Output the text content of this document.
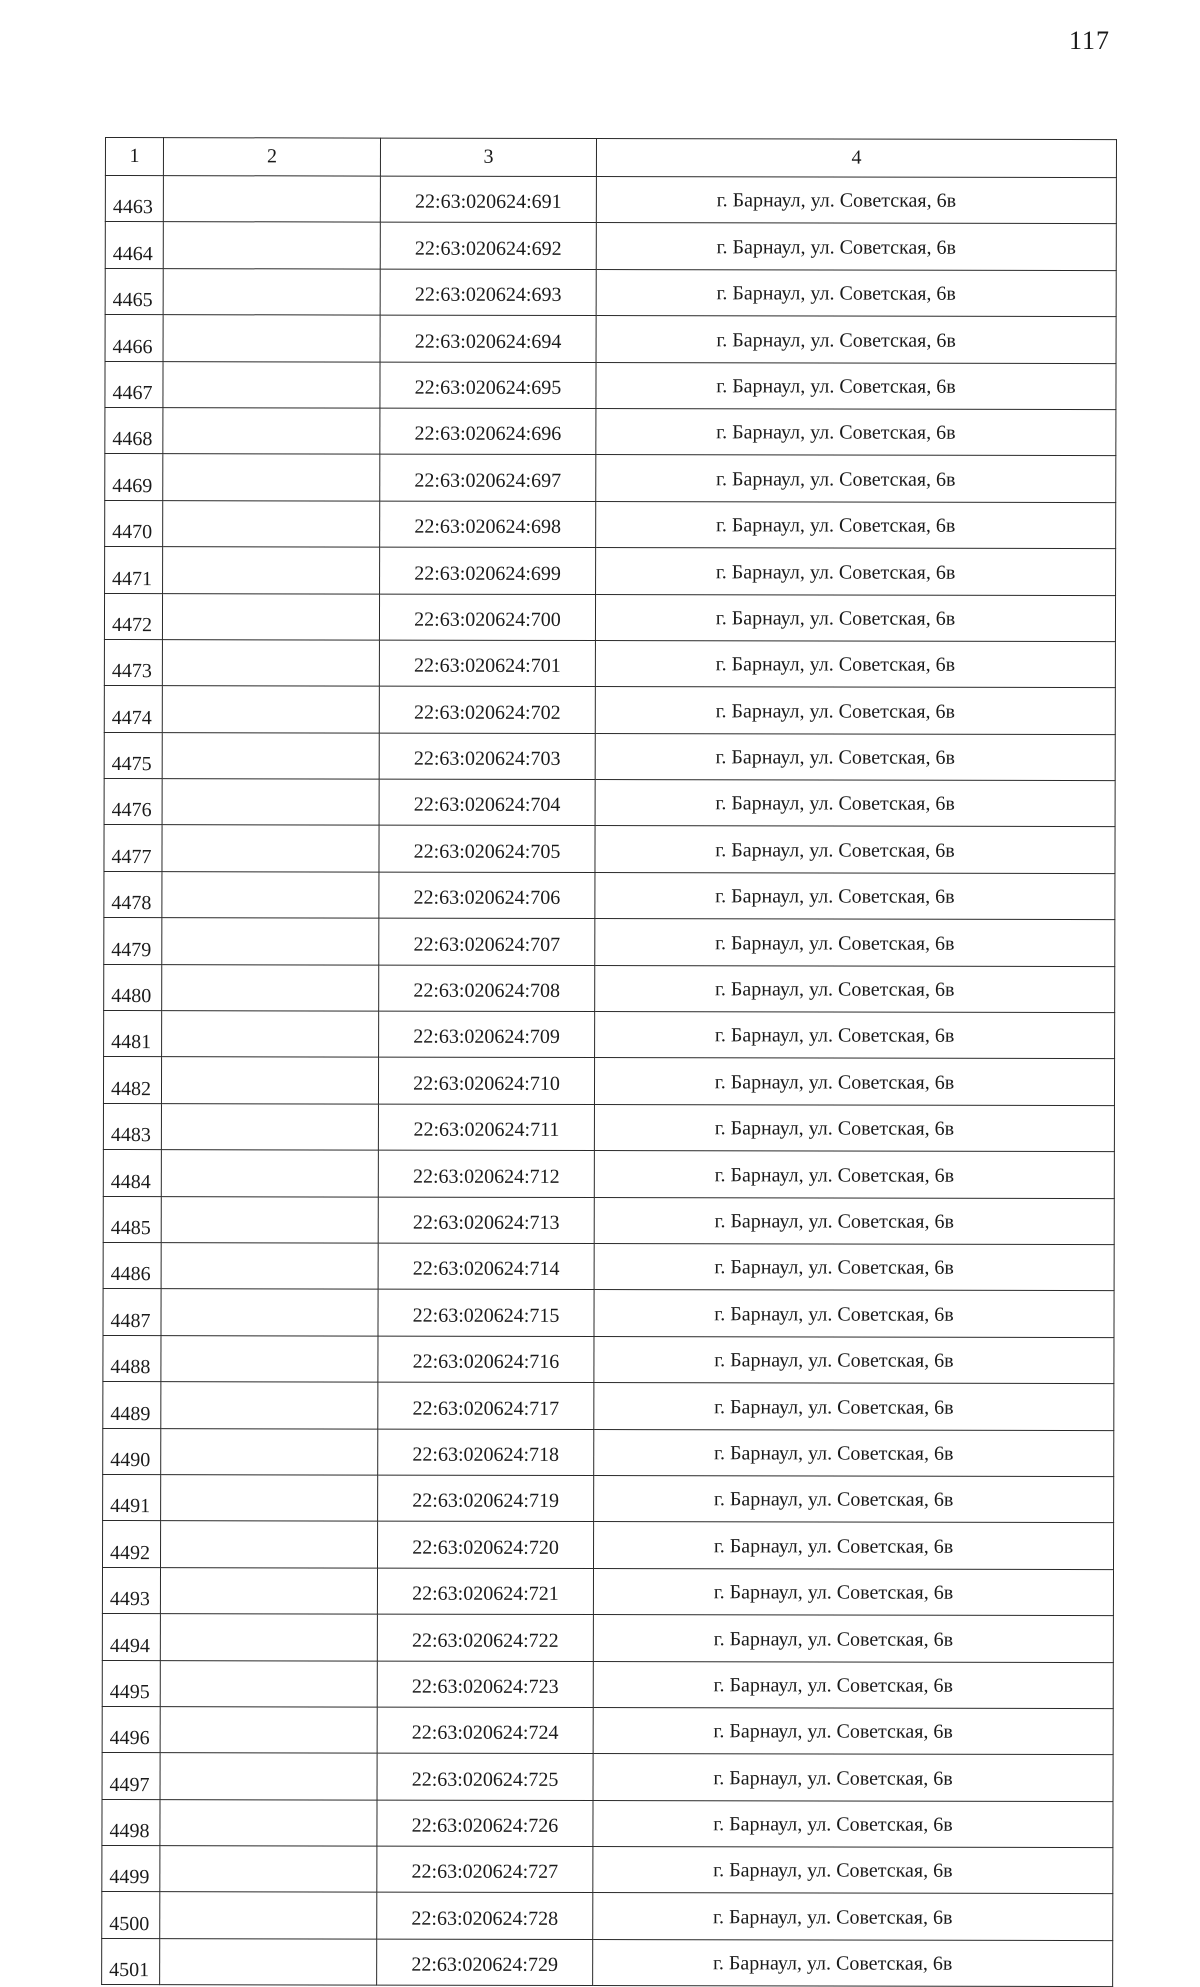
117
1	2	3	4
4463		22:63:020624:691	г. Барнаул, ул. Советская, 6в
4464		22:63:020624:692	г. Барнаул, ул. Советская, 6в
4465		22:63:020624:693	г. Барнаул, ул. Советская, 6в
4466		22:63:020624:694	г. Барнаул, ул. Советская, 6в
4467		22:63:020624:695	г. Барнаул, ул. Советская, 6в
4468		22:63:020624:696	г. Барнаул, ул. Советская, 6в
4469		22:63:020624:697	г. Барнаул, ул. Советская, 6в
4470		22:63:020624:698	г. Барнаул, ул. Советская, 6в
4471		22:63:020624:699	г. Барнаул, ул. Советская, 6в
4472		22:63:020624:700	г. Барнаул, ул. Советская, 6в
4473		22:63:020624:701	г. Барнаул, ул. Советская, 6в
4474		22:63:020624:702	г. Барнаул, ул. Советская, 6в
4475		22:63:020624:703	г. Барнаул, ул. Советская, 6в
4476		22:63:020624:704	г. Барнаул, ул. Советская, 6в
4477		22:63:020624:705	г. Барнаул, ул. Советская, 6в
4478		22:63:020624:706	г. Барнаул, ул. Советская, 6в
4479		22:63:020624:707	г. Барнаул, ул. Советская, 6в
4480		22:63:020624:708	г. Барнаул, ул. Советская, 6в
4481		22:63:020624:709	г. Барнаул, ул. Советская, 6в
4482		22:63:020624:710	г. Барнаул, ул. Советская, 6в
4483		22:63:020624:711	г. Барнаул, ул. Советская, 6в
4484		22:63:020624:712	г. Барнаул, ул. Советская, 6в
4485		22:63:020624:713	г. Барнаул, ул. Советская, 6в
4486		22:63:020624:714	г. Барнаул, ул. Советская, 6в
4487		22:63:020624:715	г. Барнаул, ул. Советская, 6в
4488		22:63:020624:716	г. Барнаул, ул. Советская, 6в
4489		22:63:020624:717	г. Барнаул, ул. Советская, 6в
4490		22:63:020624:718	г. Барнаул, ул. Советская, 6в
4491		22:63:020624:719	г. Барнаул, ул. Советская, 6в
4492		22:63:020624:720	г. Барнаул, ул. Советская, 6в
4493		22:63:020624:721	г. Барнаул, ул. Советская, 6в
4494		22:63:020624:722	г. Барнаул, ул. Советская, 6в
4495		22:63:020624:723	г. Барнаул, ул. Советская, 6в
4496		22:63:020624:724	г. Барнаул, ул. Советская, 6в
4497		22:63:020624:725	г. Барнаул, ул. Советская, 6в
4498		22:63:020624:726	г. Барнаул, ул. Советская, 6в
4499		22:63:020624:727	г. Барнаул, ул. Советская, 6в
4500		22:63:020624:728	г. Барнаул, ул. Советская, 6в
4501		22:63:020624:729	г. Барнаул, ул. Советская, 6в
